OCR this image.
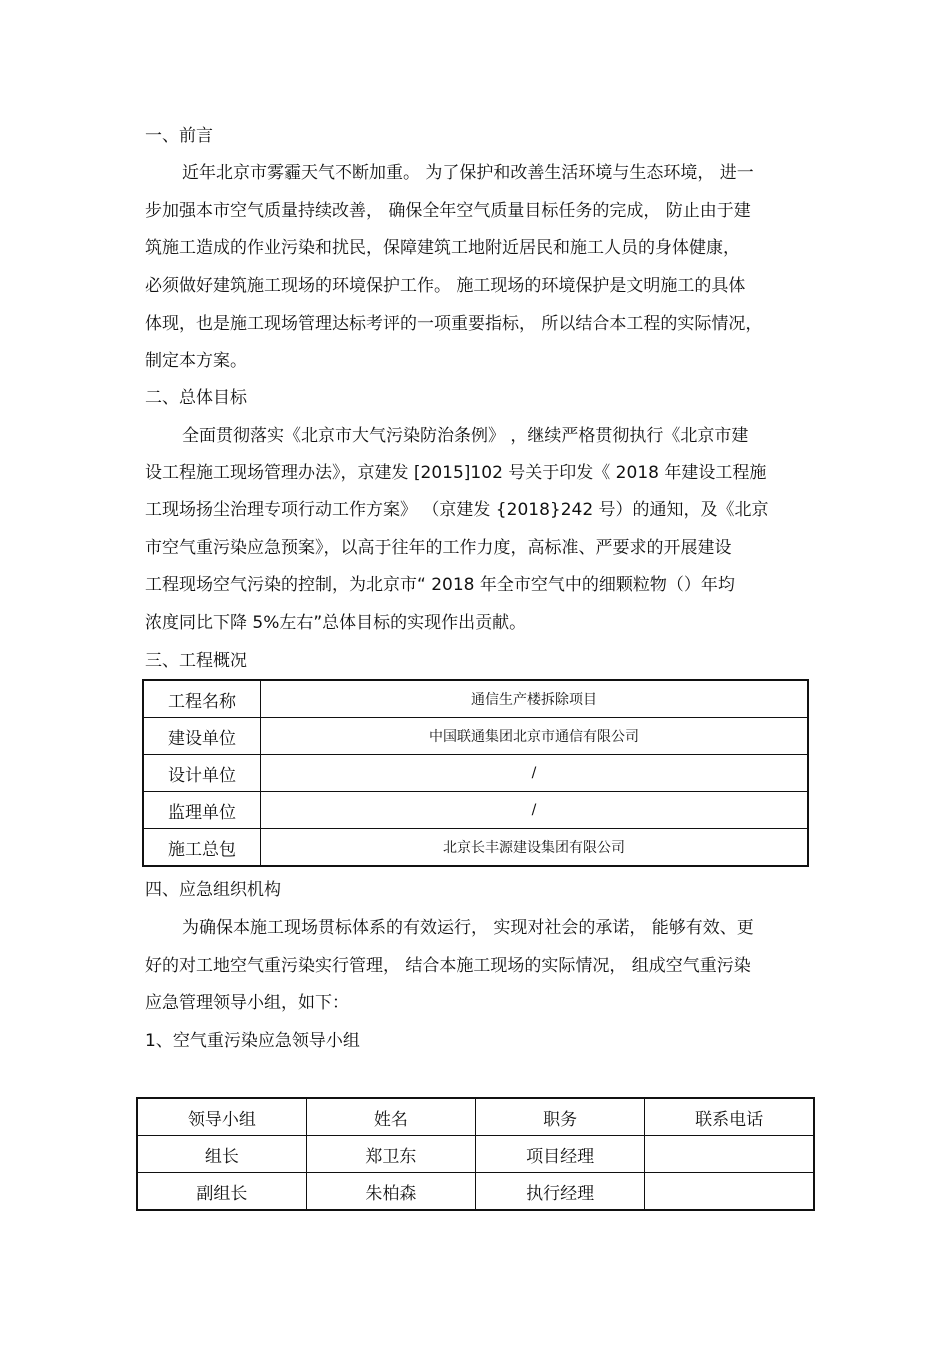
一、前言
近年北京市雾霾天气不断加重。 为了保护和改善生活环境与生态环境， 进一
步加强本市空气质量持续改善， 确保全年空气质量目标任务的完成， 防止由于建
筑施工造成的作业污染和扰民，保障建筑工地附近居民和施工人员的身体健康，
必须做好建筑施工现场的环境保护工作。 施工现场的环境保护是文明施工的具体
体现，也是施工现场管理达标考评的一项重要指标， 所以结合本工程的实际情况，
制定本方案。
二、总体目标
全面贯彻落实《北京市大气污染防治条例》 ，继续严格贯彻执行《北京市建
设工程施工现场管理办法》，京建发 [2015]102 号关于印发《 2018 年建设工程施
工现场扬尘治理专项行动工作方案》 （京建发 {2018}242 号）的通知，及《北京
市空气重污染应急预案》，以高于往年的工作力度，高标准、严要求的开展建设
工程现场空气污染的控制，为北京市“ 2018 年全市空气中的细颗粒物（）年均
浓度同比下降 5%左右”总体目标的实现作出贡献。
三、工程概况
工程名称	通信生产楼拆除项目
建设单位	中国联通集团北京市通信有限公司
设计单位	/
监理单位	/
施工总包	北京长丰源建设集团有限公司
四、应急组织机构
为确保本施工现场贯标体系的有效运行， 实现对社会的承诺， 能够有效、更
好的对工地空气重污染实行管理， 结合本施工现场的实际情况， 组成空气重污染
应急管理领导小组，如下：
1、空气重污染应急领导小组
领导小组	姓名	职务	联系电话
组长	郑卫东	项目经理	
副组长	朱柏森	执行经理	
